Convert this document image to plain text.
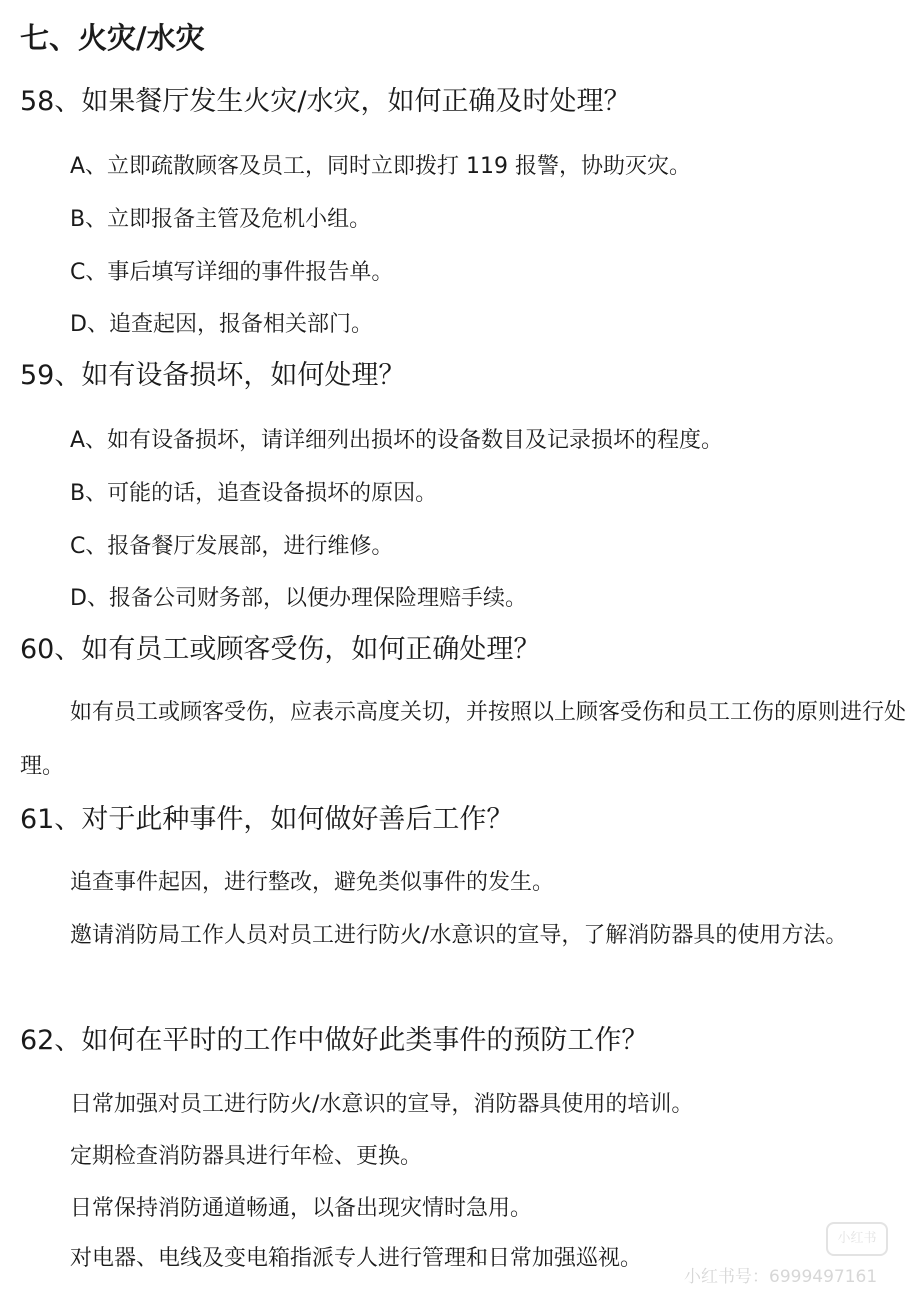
七、火灾/水灾
58、如果餐厅发生火灾/水灾，如何正确及时处理？
A、立即疏散顾客及员工，同时立即拨打 119 报警，协助灭灾。
B、立即报备主管及危机小组。
C、事后填写详细的事件报告单。
D、追查起因，报备相关部门。
59、如有设备损坏，如何处理？
A、如有设备损坏，请详细列出损坏的设备数目及记录损坏的程度。
B、可能的话，追查设备损坏的原因。
C、报备餐厅发展部，进行维修。
D、报备公司财务部，以便办理保险理赔手续。
60、如有员工或顾客受伤，如何正确处理？
如有员工或顾客受伤，应表示高度关切，并按照以上顾客受伤和员工工伤的原则进行处理。
61、对于此种事件，如何做好善后工作？
追查事件起因，进行整改，避免类似事件的发生。
邀请消防局工作人员对员工进行防火/水意识的宣导，了解消防器具的使用方法。
62、如何在平时的工作中做好此类事件的预防工作？
日常加强对员工进行防火/水意识的宣导，消防器具使用的培训。
定期检查消防器具进行年检、更换。
日常保持消防通道畅通，以备出现灾情时急用。
对电器、电线及变电箱指派专人进行管理和日常加强巡视。
小红书
小红书号：6999497161
